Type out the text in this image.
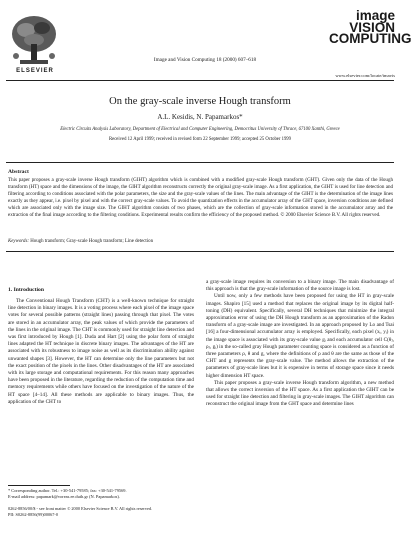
ELSEVIER
Image and Vision Computing 18 (2000) 607–618
image
VISION
COMPUTING
www.elsevier.com/locate/imavis
On the gray-scale inverse Hough transform
A.L. Kesidis, N. Papamarkos*
Electric Circuits Analysis Laboratory, Department of Electrical and Computer Engineering, Democritus University of Thrace, 67100 Xanthi, Greece
Received 12 April 1999; received in revised form 22 September 1999; accepted 25 October 1999
Abstract
This paper proposes a gray-scale inverse Hough transform (GIHT) algorithm which is combined with a modified gray-scale Hough transform (GHT). Given only the data of the Hough transform (HT) space and the dimensions of the image, the GIHT algorithm reconstructs correctly the original gray-scale image. As a first application, the GIHT is used for line detection and filtering according to conditions associated with the polar parameters, the size and the gray-scale values of the lines. The main advantage of the GIHT is the determination of the image lines exactly as they appear, i.e. pixel by pixel and with the correct gray-scale values. To avoid the quantization effects in the accumulator array of the GHT space, inversion conditions are defined which are associated only with the image size. The GIHT algorithm consists of two phases, which are the collection of gray-scale information stored in the accumulator array and the extraction of the final image according to the filtering conditions. Experimental results confirm the efficiency of the proposed method. © 2000 Elsevier Science B.V. All rights reserved.
Keywords: Hough transform; Gray-scale Hough transform; Line detection
1. Introduction
The Conventional Hough Transform (CHT) is a well-known technique for straight line detection in binary images. It is a voting process where each pixel of the image space votes for several possible patterns (straight lines) passing through that pixel. The votes are stored in an accumulator array, the peak values of which provide the parameters of the lines in the original image. The CHT is commonly used for straight line detection and was first introduced by Hough [1]. Duda and Hart [2] using the polar form of straight lines adapted the HT technique in discrete binary images. The advantages of the HT are associated with its robustness to image noise as well as its discrimination ability against unwanted shapes [3]. However, the HT can determine only the line parameters but not the exact position of the pixels in the lines. Other disadvantages of the HT are associated with its large storage and computational requirements. For this reason many approaches have been proposed in the literature, regarding the reduction of the computation time and memory requirements while others have focused on the investigation of the nature of the HT space [4–14]. All these methods are applicable to binary images. Thus, the application of the CHT to

a gray-scale image requires its conversion to a binary image. The main disadvantage of this approach is that the gray-scale information of the source image is lost.

Until now, only a few methods have been proposed for using the HT in gray-scale images. Shapiro [15] used a method that replaces the original image by its digital half-toning (DH) equivalent. Specifically, several DH techniques that minimize the integral approximation error of using the DH Hough transform as an approximation of the Radon transform of a gray-scale image are investigated. In an approach proposed by Lo and Tsai [16] a four-dimensional accumulator array is employed. Specifically, each pixel (xᵢ, yᵢ) in the image space is associated with its gray-scale value gᵢ and each accumulator cell C(θⱼ, ρⱼ, gᵢ) in the so-called gray Hough parameter counting space is considered as a function of three parameters ρ, θ and g, where the definitions of ρ and θ are the same as those of the CHT and g represents the gray-scale value. The method allows the extraction of the parameters of gray-scale lines but it is expensive in terms of storage space since it needs higher dimension HT space.

This paper proposes a gray-scale inverse Hough transform algorithm, a new method that allows the correct inversion of the HT space. As a first application the GIHT can be used for straight line detection and filtering in gray-scale images. The GIHT algorithm can reconstruct the original image from the GHT space and determine lines

* Corresponding author. Tel.: +30-541-79585; fax: +30-541-79569.
E-mail address: papamark@voreas.ee.duth.gr (N. Papamarkos).
0262-8856/00/$ - see front matter © 2000 Elsevier Science B.V. All rights reserved.
PII: S0262-8856(99)00067-0
